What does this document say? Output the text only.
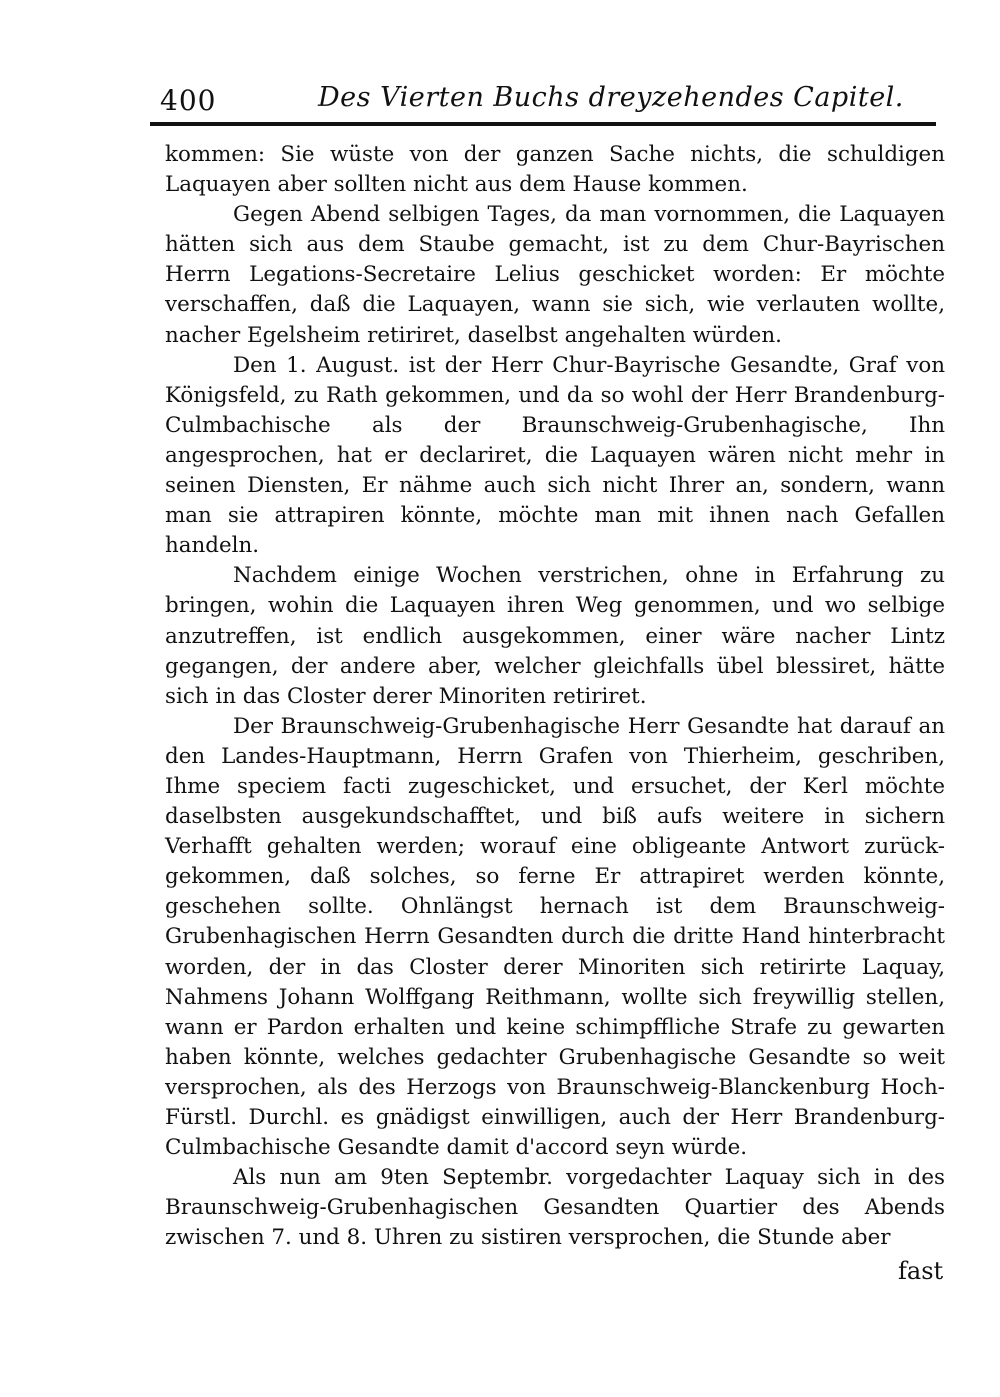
400	Des Vierten Buchs dreyzehendes Capitel.

kommen: Sie wüste von der ganzen Sache nichts, die schuldigen Laquayen aber sollten nicht aus dem Hause kommen.

Gegen Abend selbigen Tages, da man vornommen, die Laquayen hätten sich aus dem Staube gemacht, ist zu dem Chur-Bayrischen Herrn Legations-Secretaire Lelius geschicket worden: Er möchte verschaffen, daß die Laquayen, wann sie sich, wie verlauten wollte, nacher Egelsheim retiriret, daselbst angehalten würden.

Den 1. August. ist der Herr Chur-Bayrische Gesandte, Graf von Königsfeld, zu Rath gekommen, und da so wohl der Herr Brandenburg-Culmbachische als der Braunschweig-Grubenhagische, Ihn angesprochen, hat er declariret, die Laquayen wären nicht mehr in seinen Diensten, Er nähme auch sich nicht Ihrer an, sondern, wann man sie attrapiren könnte, möchte man mit ihnen nach Gefallen handeln.

Nachdem einige Wochen verstrichen, ohne in Erfahrung zu bringen, wohin die Laquayen ihren Weg genommen, und wo selbige anzutreffen, ist endlich ausgekommen, einer wäre nacher Lintz gegangen, der andere aber, welcher gleichfalls übel blessiret, hätte sich in das Closter derer Minoriten retiriret.

Der Braunschweig-Grubenhagische Herr Gesandte hat darauf an den Landes-Hauptmann, Herrn Grafen von Thierheim, geschriben, Ihme speciem facti zugeschicket, und ersuchet, der Kerl möchte daselbsten ausgekundschafftet, und biß aufs weitere in sichern Verhafft gehalten werden; worauf eine obligeante Antwort zurück-gekommen, daß solches, so ferne Er attrapiret werden könnte, geschehen sollte. Ohnlängst hernach ist dem Braunschweig-Grubenhagischen Herrn Gesandten durch die dritte Hand hinterbracht worden, der in das Closter derer Minoriten sich retirirte Laquay, Nahmens Johann Wolffgang Reithmann, wollte sich freywillig stellen, wann er Pardon erhalten und keine schimpffliche Strafe zu gewarten haben könnte, welches gedachter Grubenhagische Gesandte so weit versprochen, als des Herzogs von Braunschweig-Blanckenburg Hoch-Fürstl. Durchl. es gnädigst einwilligen, auch der Herr Brandenburg-Culmbachische Gesandte damit d'accord seyn würde.

Als nun am 9ten Septembr. vorgedachter Laquay sich in des Braunschweig-Grubenhagischen Gesandten Quartier des Abends zwischen 7. und 8. Uhren zu sistiren versprochen, die Stunde aber

fast
